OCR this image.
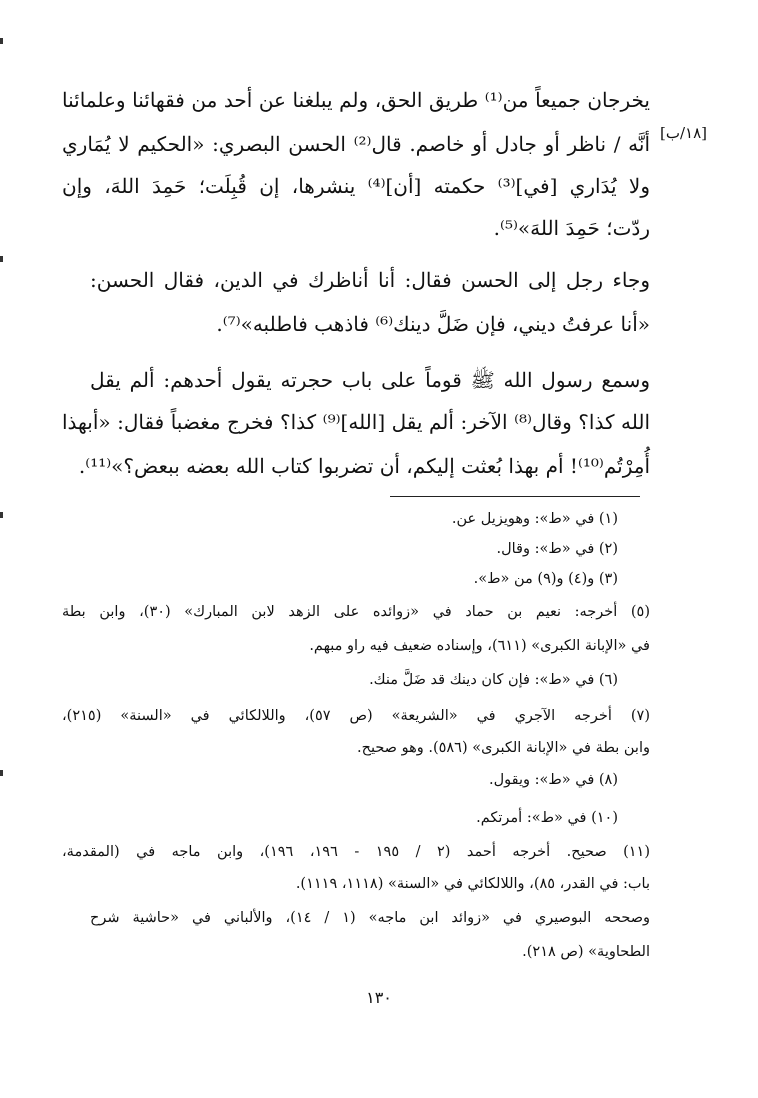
[١٨/ب]
يخرجان جميعاً من⁽¹⁾ طريق الحق، ولم يبلغنا عن أحد من فقهائنا وعلمائنا
أنَّه / ناظر أو جادل أو خاصم. قال⁽²⁾ الحسن البصري: «الحكيم لا يُمَاري
ولا يُدَاري [في]⁽³⁾ حكمته [أن]⁽⁴⁾ ينشرها، إن قُبِلَت؛ حَمِدَ اللهَ، وإن
ردّت؛ حَمِدَ اللهَ»⁽⁵⁾.
وجاء رجل إلى الحسن فقال: أنا أناظرك في الدين، فقال الحسن:
«أنا عرفتُ ديني، فإن ضَلَّ دينك⁽⁶⁾ فاذهب فاطلبه»⁽⁷⁾.
وسمع رسول الله ﷺ قوماً على باب حجرته يقول أحدهم: ألم يقل
الله كذا؟ وقال⁽⁸⁾ الآخر: ألم يقل [الله]⁽⁹⁾ كذا؟ فخرج مغضباً فقال: «أبهذا
أُمِرْتُم⁽¹⁰⁾! أم بهذا بُعثت إليكم، أن تضربوا كتاب الله بعضه ببعض؟»⁽¹¹⁾.
(١) في «ط»: وهويزيل عن.
(٢) في «ط»: وقال.
(٣) و(٤) و(٩) من «ط».
(٥) أخرجه: نعيم بن حماد في «زوائده على الزهد لابن المبارك» (٣٠)، وابن بطة
في «الإبانة الكبرى» (٦١١)، وإسناده ضعيف فيه راو مبهم.
(٦) في «ط»: فإن كان دينك قد ضَلَّ منك.
(٧) أخرجه الآجري في «الشريعة» (ص ٥٧)، واللالكائي في «السنة» (٢١٥)،
وابن بطة في «الإبانة الكبرى» (٥٨٦). وهو صحيح.
(٨) في «ط»: ويقول.
(١٠) في «ط»: أمرتكم.
(١١) صحيح. أخرجه أحمد (٢ / ١٩٥ - ١٩٦، ١٩٦)، وابن ماجه في (المقدمة،
باب: في القدر، ٨٥)، واللالكائي في «السنة» (١١١٨، ١١١٩).
وصححه البوصيري في «زوائد ابن ماجه» (١ / ١٤)، والألباني في «حاشية شرح
الطحاوية» (ص ٢١٨).
١٣٠
